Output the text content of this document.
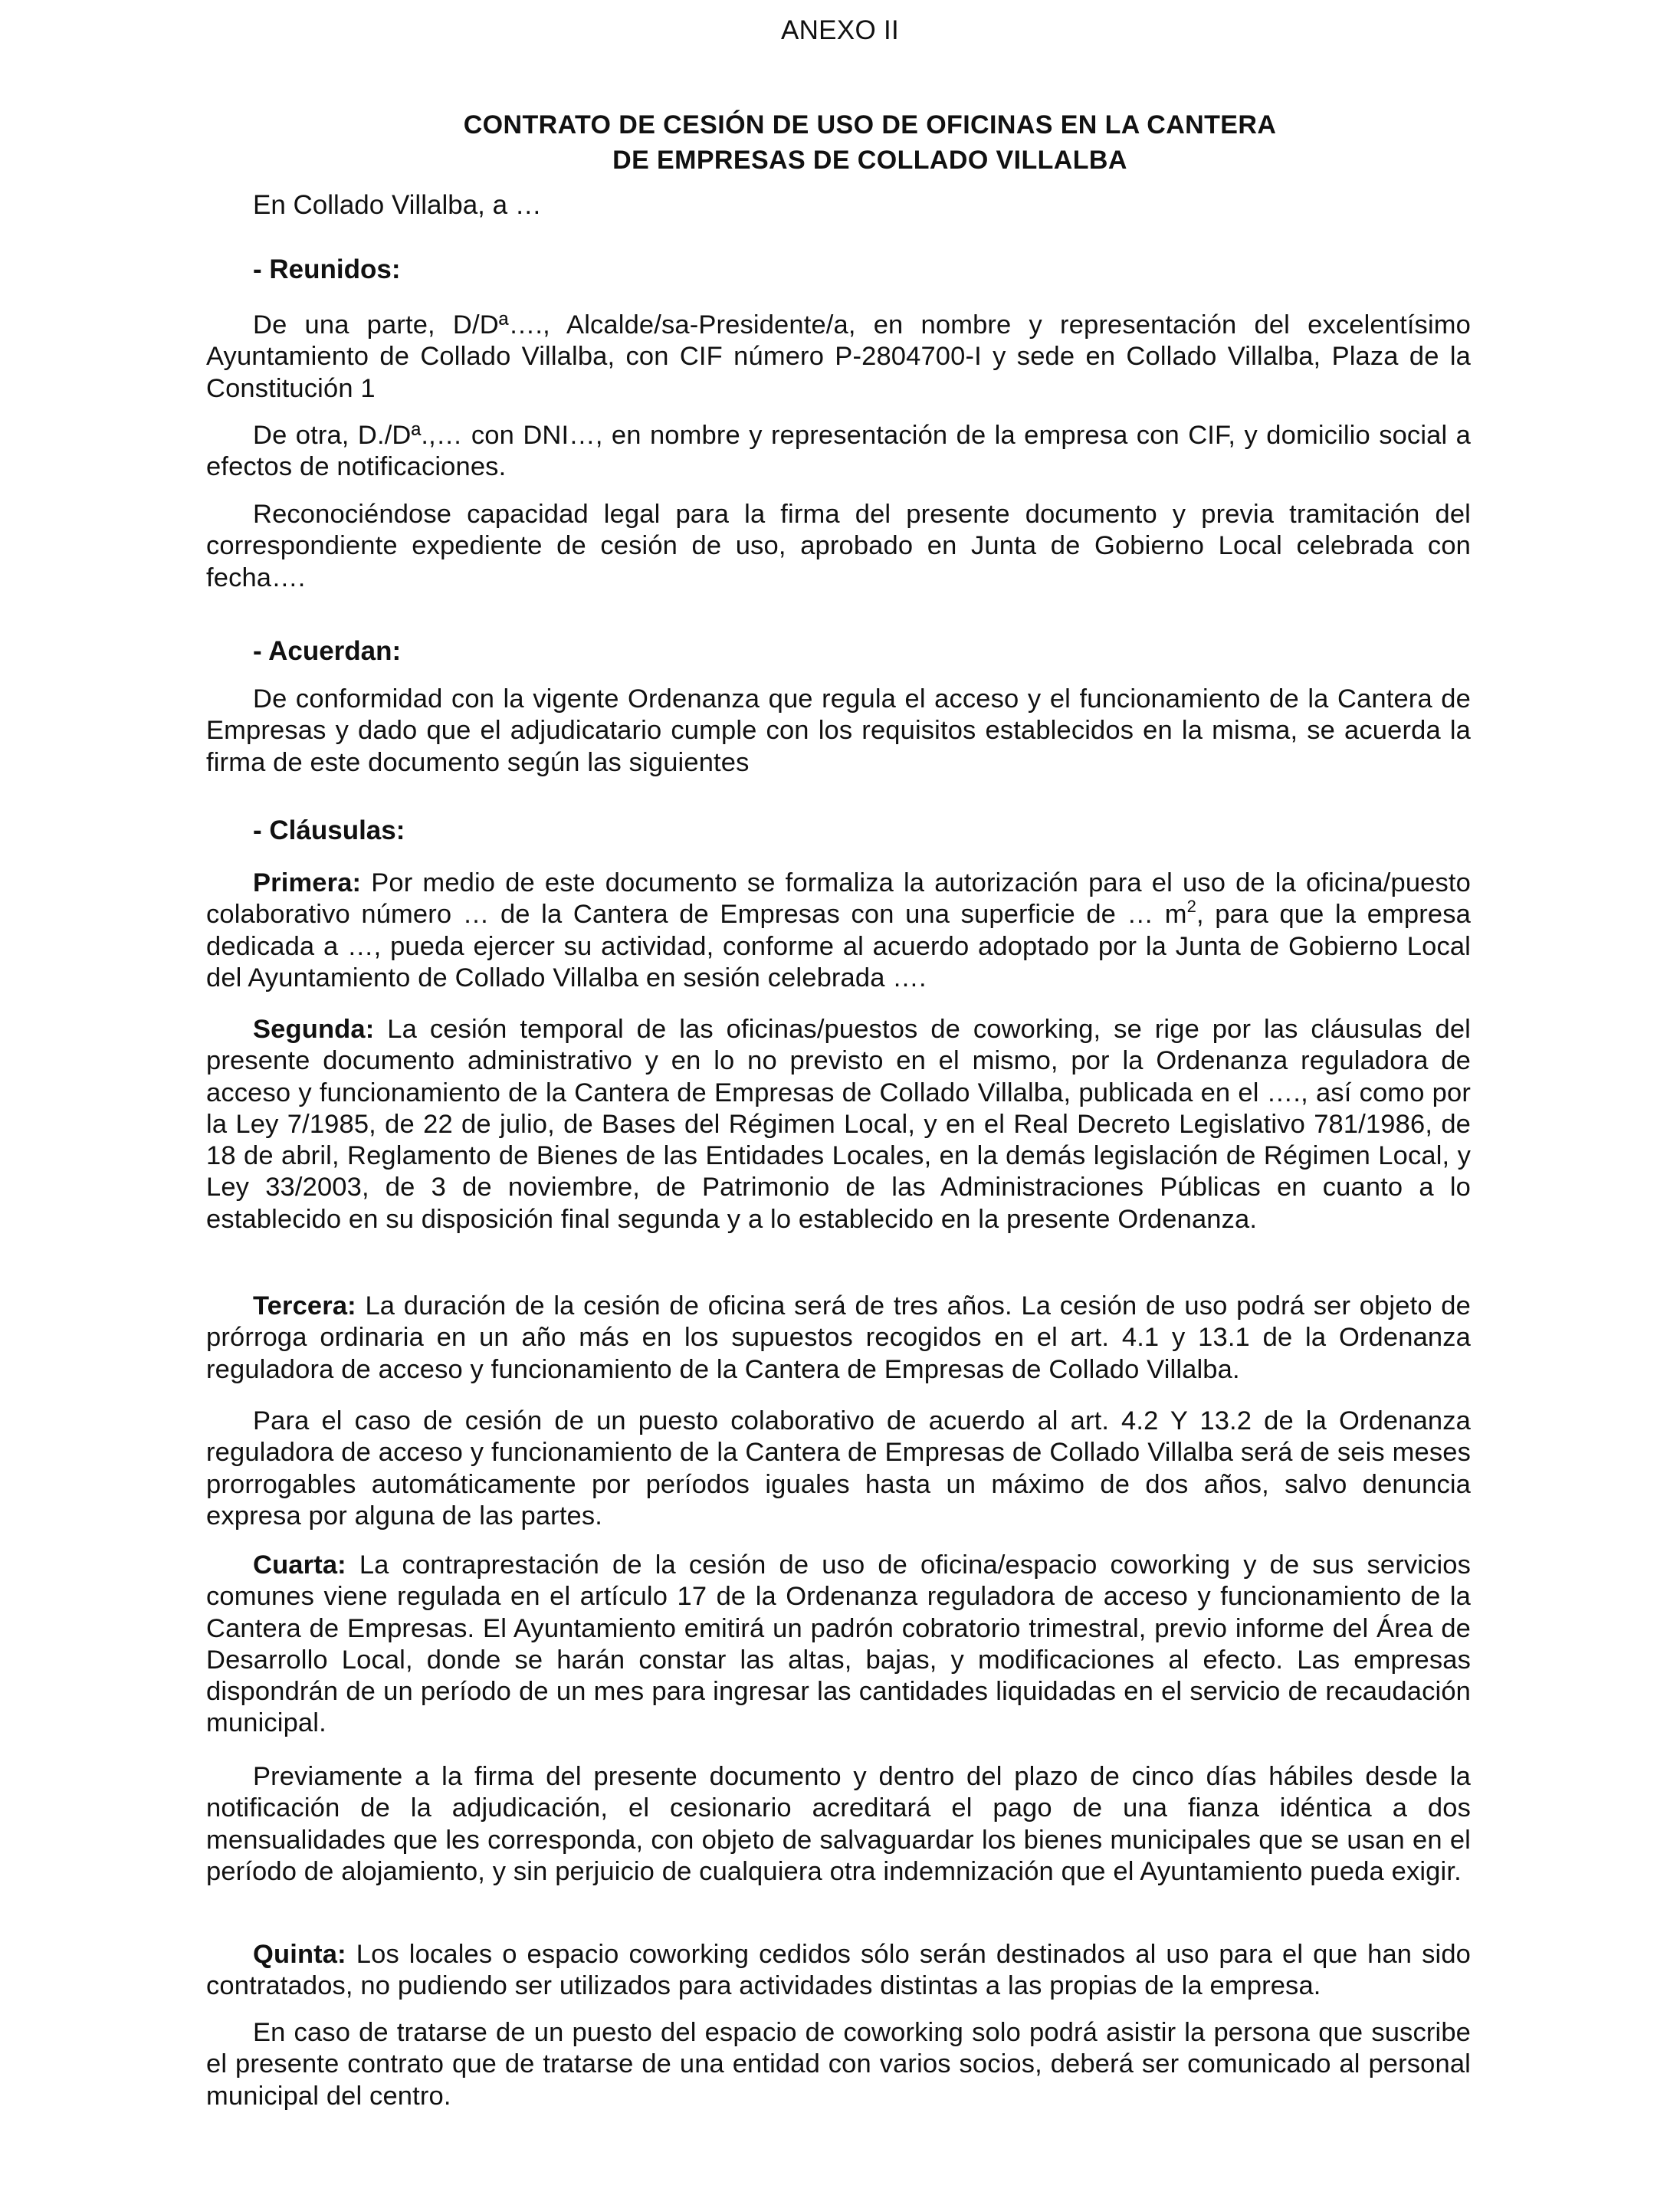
ANEXO II
CONTRATO DE CESIÓN DE USO DE OFICINAS EN LA CANTERA
DE EMPRESAS DE COLLADO VILLALBA
En Collado Villalba, a …
- Reunidos:
De una parte, D/Dª…., Alcalde/sa-Presidente/a, en nombre y representación del excelentísimo Ayuntamiento de Collado Villalba, con CIF número P-2804700-I y sede en Collado Villalba, Plaza de la Constitución 1
De otra, D./Dª.,… con DNI…, en nombre y representación de la empresa con CIF, y domicilio social a efectos de notificaciones.
Reconociéndose capacidad legal para la firma del presente documento y previa tramitación del correspondiente expediente de cesión de uso, aprobado en Junta de Gobierno Local celebrada con fecha….
- Acuerdan:
De conformidad con la vigente Ordenanza que regula el acceso y el funcionamiento de la Cantera de Empresas y dado que el adjudicatario cumple con los requisitos establecidos en la misma, se acuerda la firma de este documento según las siguientes
- Cláusulas:
Primera: Por medio de este documento se formaliza la autorización para el uso de la oficina/puesto colaborativo número … de la Cantera de Empresas con una superficie de … $m^2$, para que la empresa dedicada a …, pueda ejercer su actividad, conforme al acuerdo adoptado por la Junta de Gobierno Local del Ayuntamiento de Collado Villalba en sesión celebrada ….
Segunda: La cesión temporal de las oficinas/puestos de coworking, se rige por las cláusulas del presente documento administrativo y en lo no previsto en el mismo, por la Ordenanza reguladora de acceso y funcionamiento de la Cantera de Empresas de Collado Villalba, publicada en el …., así como por la Ley 7/1985, de 22 de julio, de Bases del Régimen Local, y en el Real Decreto Legislativo 781/1986, de 18 de abril, Reglamento de Bienes de las Entidades Locales, en la demás legislación de Régimen Local, y Ley 33/2003, de 3 de noviembre, de Patrimonio de las Administraciones Públicas en cuanto a lo establecido en su disposición final segunda y a lo establecido en la presente Ordenanza.
Tercera: La duración de la cesión de oficina será de tres años. La cesión de uso podrá ser objeto de prórroga ordinaria en un año más en los supuestos recogidos en el art. 4.1 y 13.1 de la Ordenanza reguladora de acceso y funcionamiento de la Cantera de Empresas de Collado Villalba.
Para el caso de cesión de un puesto colaborativo de acuerdo al art. 4.2 Y 13.2 de la Ordenanza reguladora de acceso y funcionamiento de la Cantera de Empresas de Collado Villalba será de seis meses prorrogables automáticamente por períodos iguales hasta un máximo de dos años, salvo denuncia expresa por alguna de las partes.
Cuarta: La contraprestación de la cesión de uso de oficina/espacio coworking y de sus servicios comunes viene regulada en el artículo 17 de la Ordenanza reguladora de acceso y funcionamiento de la Cantera de Empresas. El Ayuntamiento emitirá un padrón cobratorio trimestral, previo informe del Área de Desarrollo Local, donde se harán constar las altas, bajas, y modificaciones al efecto. Las empresas dispondrán de un período de un mes para ingresar las cantidades liquidadas en el servicio de recaudación municipal.
Previamente a la firma del presente documento y dentro del plazo de cinco días hábiles desde la notificación de la adjudicación, el cesionario acreditará el pago de una fianza idéntica a dos mensualidades que les corresponda, con objeto de salvaguardar los bienes municipales que se usan en el período de alojamiento, y sin perjuicio de cualquiera otra indemnización que el Ayuntamiento pueda exigir.
Quinta: Los locales o espacio coworking cedidos sólo serán destinados al uso para el que han sido contratados, no pudiendo ser utilizados para actividades distintas a las propias de la empresa.
En caso de tratarse de un puesto del espacio de coworking solo podrá asistir la persona que suscribe el presente contrato que de tratarse de una entidad con varios socios, deberá ser comunicado al personal municipal del centro.
